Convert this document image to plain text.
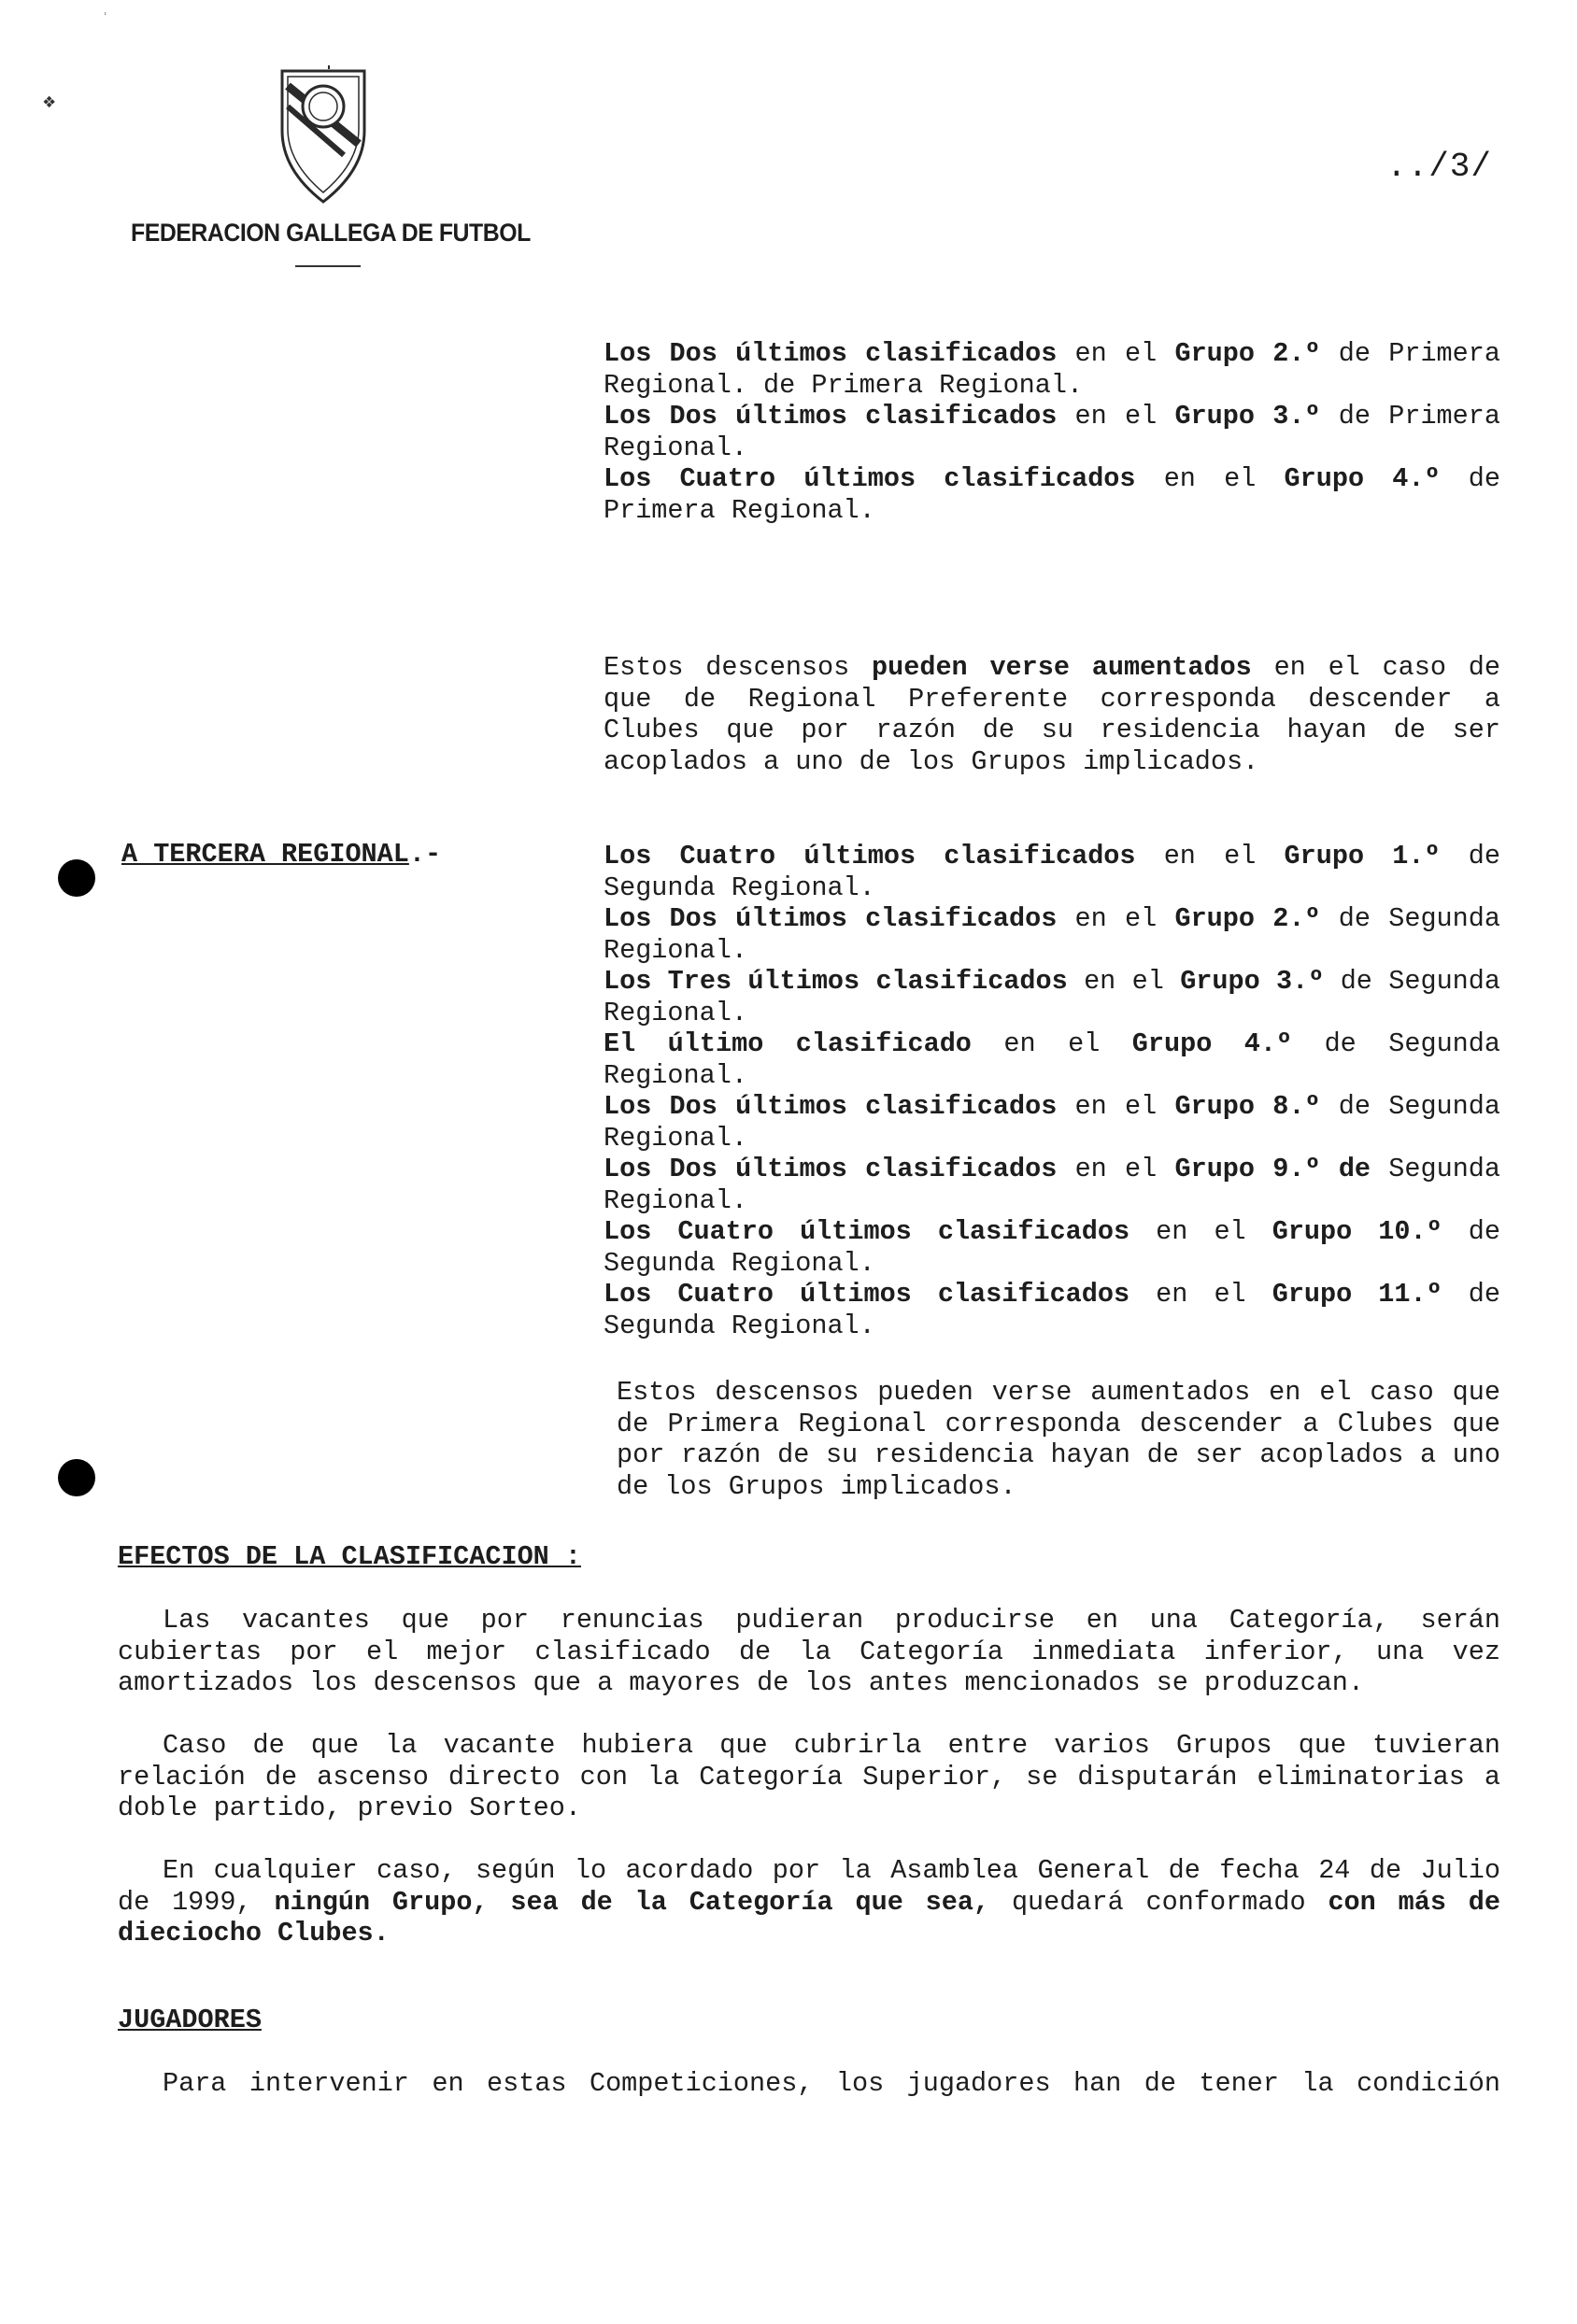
❖
ʿ
FEDERACION GALLEGA DE FUTBOL
../3/

Los Dos últimos clasificados en el Grupo 2.º de Primera Regional. de Primera Regional.

Los Dos últimos clasificados en el Grupo 3.º de Primera Regional.

Los Cuatro últimos clasificados en el Grupo 4.º de Primera Regional.

Estos descensos pueden verse aumentados en el caso de que de Regional Preferente corresponda descender a Clubes que por razón de su residencia hayan de ser acoplados a uno de los Grupos implicados.

A TERCERA REGIONAL.-	Los Cuatro últimos clasificados en el Grupo 1.º de Segunda Regional.

Los Dos últimos clasificados en el Grupo 2.º de Segunda Regional.

Los Tres últimos clasificados en el Grupo 3.º de Segunda Regional.

El último clasificado en el Grupo 4.º de Segunda Regional.

Los Dos últimos clasificados en el Grupo 8.º de Segunda Regional.

Los Dos últimos clasificados en el Grupo 9.º de Segunda Regional.

Los Cuatro últimos clasificados en el Grupo 10.º de Segunda Regional.

Los Cuatro últimos clasificados en el Grupo 11.º de Segunda Regional.

Estos descensos pueden verse aumentados en el caso que de Primera Regional corresponda descender a Clubes que por razón de su residencia hayan de ser acoplados a uno de los Grupos implicados.

EFECTOS DE LA CLASIFICACION :

Las vacantes que por renuncias pudieran producirse en una Categoría, serán cubiertas por el mejor clasificado de la Categoría inmediata inferior, una vez amortizados los descensos que a mayores de los antes mencionados se produzcan.

Caso de que la vacante hubiera que cubrirla entre varios Grupos que tuvieran relación de ascenso directo con la Categoría Superior, se disputarán eliminatorias a doble partido, previo Sorteo.

En cualquier caso, según lo acordado por la Asamblea General de fecha 24 de Julio de 1999, ningún Grupo, sea de la Categoría que sea, quedará conformado con más de dieciocho Clubes.

JUGADORES

Para intervenir en estas Competiciones, los jugadores han de tener la condición
